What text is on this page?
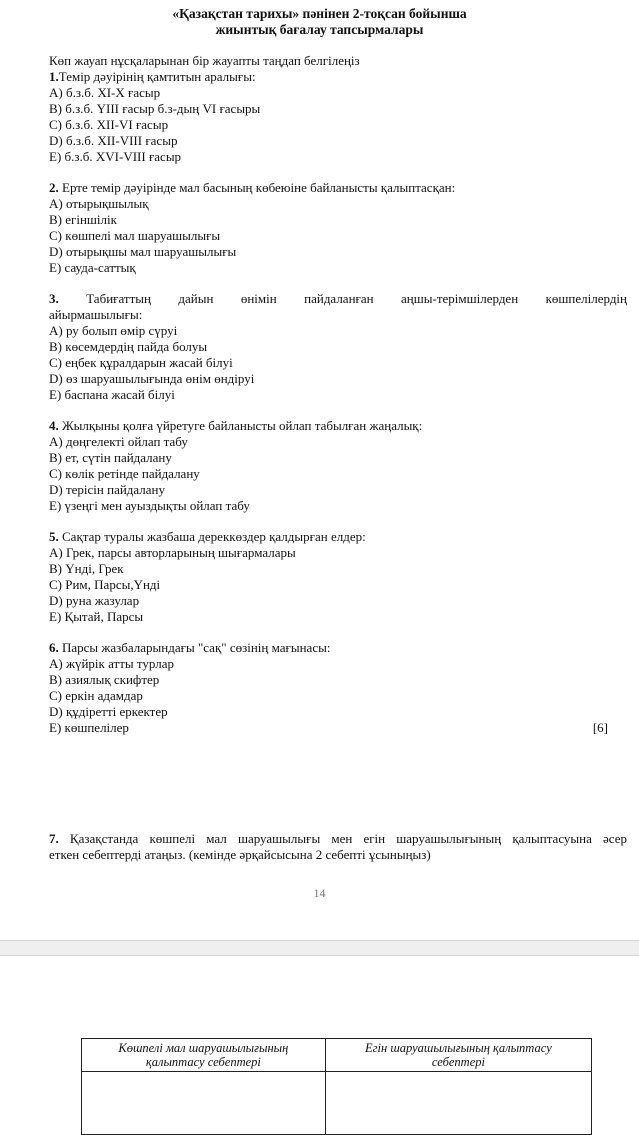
«Қазақстан тарихы» пәнінен 2-тоқсан бойынша
жиынтық бағалау тапсырмалары
Көп жауап нұсқаларынан бір жауапты таңдап белгілеңіз

1.Темір дәуірінің қамтитын аралығы:

A) б.з.б. XI-X ғасыр

B) б.з.б. YIII ғасыр б.з-дың VI ғасыры

C) б.з.б. XII-VI ғасыр

D) б.з.б. XII-VIII ғасыр

E) б.з.б. XVI-VIII ғасыр

2. Ерте темір дәуірінде мал басының көбеюіне байланысты қалыптасқан:

A) отырықшылық

B) егіншілік

C) көшпелі мал шаруашылығы

D) отырықшы мал шаруашылығы

E) сауда-саттық

3. Табиғаттың дайын өнімін пайдаланған аңшы-терімшілерден көшпелілердің

айырмашылығы:

A) ру болып өмір сүруі

B) көсемдердің пайда болуы

C) еңбек құралдарын жасай білуі

D) өз шаруашылығында өнім өндіруі

E) баспана жасай білуі

4. Жылқыны қолға үйретуге байланысты ойлап табылған жаңалық:

A) дөңгелекті ойлап табу

B) ет, сүтін пайдалану

C) көлік ретінде пайдалану

D) терісін пайдалану

E) үзеңгі мен ауыздықты ойлап табу

5. Сақтар туралы жазбаша дереккөздер қалдырған елдер:

A) Грек, парсы авторларының шығармалары

B) Үнді, Грек

C) Рим, Парсы,Үнді

D) руна жазулар

E) Қытай, Парсы

6. Парсы жазбаларындағы "сақ" сөзінің мағынасы:

A) жүйрік атты турлар

B) азиялық скифтер

C) еркін адамдар

D) құдіретті еркектер

E) көшпелілер	[6]

7. Қазақстанда көшпелі мал шаруашылығы мен егін шаруашылығының қалыптасуына әсер

еткен себептерді атаңыз. (кемінде әрқайсысына 2 себепті ұсыныңыз)

14
Көшпелі мал шаруашылығының
қалыптасу себептері	Егін шаруашылығының қалыптасу
себептері
